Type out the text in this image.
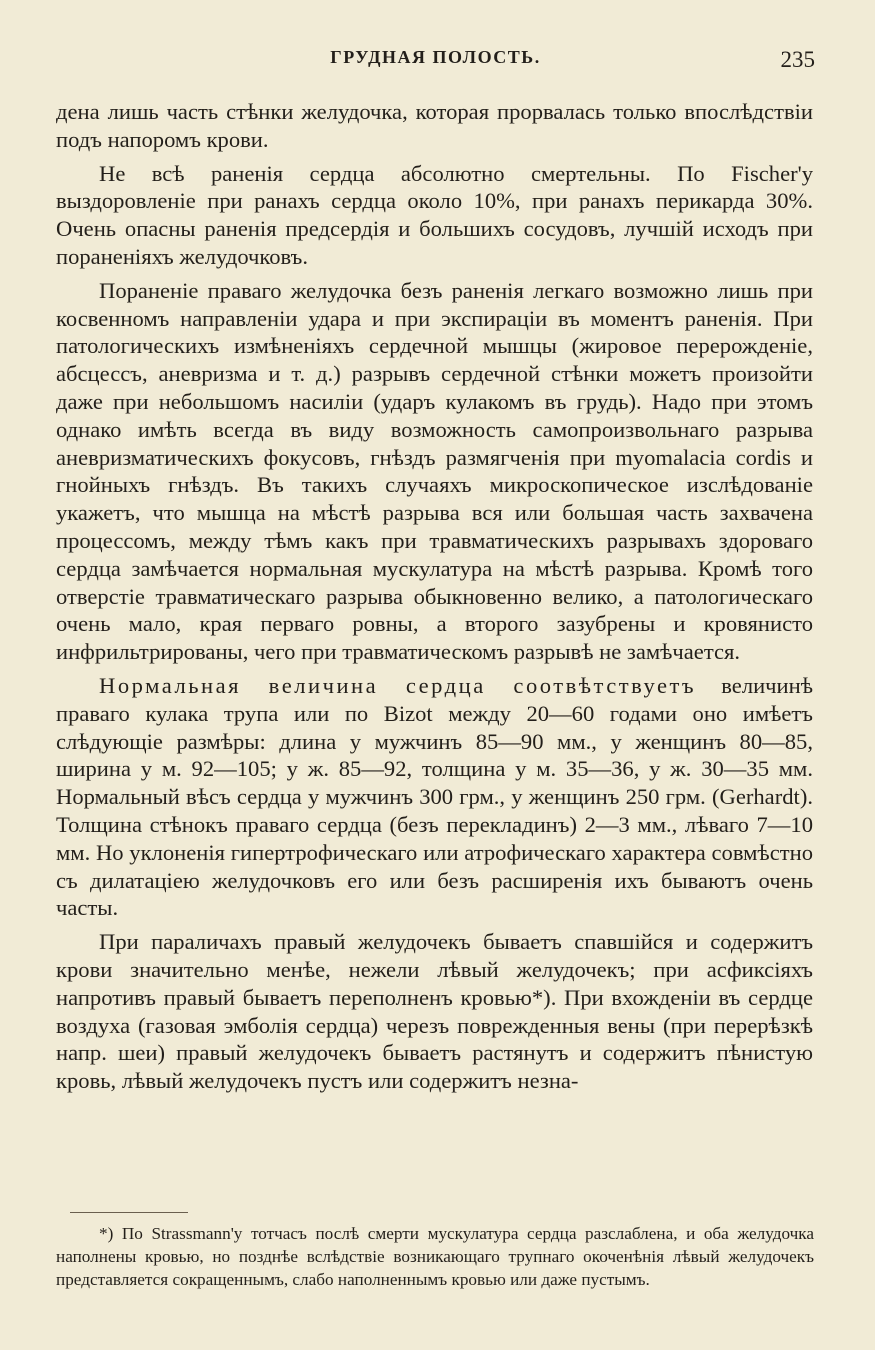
ГРУДНАЯ ПОЛОСТЬ.	235

дена лишь часть стѣнки желудочка, которая прорвалась только впослѣдствіи подъ напоромъ крови.

Не всѣ раненія сердца абсолютно смертельны. По Fischer'у выздоровленіе при ранахъ сердца около 10%, при ранахъ перикарда 30%. Очень опасны раненія предсердія и большихъ сосудовъ, лучшій исходъ при пораненіяхъ желудочковъ.

Пораненіе праваго желудочка безъ раненія легкаго возможно лишь при косвенномъ направленіи удара и при экспираціи въ моментъ раненія. При патологическихъ измѣненіяхъ сердечной мышцы (жировое перерожденіе, абсцессъ, аневризма и т. д.) разрывъ сердечной стѣнки можетъ произойти даже при небольшомъ насиліи (ударъ кулакомъ въ грудь). Надо при этомъ однако имѣть всегда въ виду возможность самопроизвольнаго разрыва аневризматическихъ фокусовъ, гнѣздъ размягченія при myomalacia cordis и гнойныхъ гнѣздъ. Въ такихъ случаяхъ микроскопическое изслѣдованіе укажетъ, что мышца на мѣстѣ разрыва вся или большая часть захвачена процессомъ, между тѣмъ какъ при травматическихъ разрывахъ здороваго сердца замѣчается нормальная мускулатура на мѣстѣ разрыва. Кромѣ того отверстіе травматическаго разрыва обыкновенно велико, а патологическаго очень мало, края перваго ровны, а второго зазубрены и кровянисто инфрильтрированы, чего при травматическомъ разрывѣ не замѣчается.

Нормальная величина сердца соотвѣтствуетъ величинѣ праваго кулака трупа или по Bizot между 20—60 годами оно имѣетъ слѣдующіе размѣры: длина у мужчинъ 85—90 мм., у женщинъ 80—85, ширина у м. 92—105; у ж. 85—92, толщина у м. 35—36, у ж. 30—35 мм. Нормальный вѣсъ сердца у мужчинъ 300 грм., у женщинъ 250 грм. (Gerhardt). Толщина стѣнокъ праваго сердца (безъ перекладинъ) 2—3 мм., лѣваго 7—10 мм. Но уклоненія гипертрофическаго или атрофическаго характера совмѣстно съ дилатаціею желудочковъ его или безъ расширенія ихъ бываютъ очень часты.

При параличахъ правый желудочекъ бываетъ спавшійся и содержитъ крови значительно менѣе, нежели лѣвый желудочекъ; при асфиксіяхъ напротивъ правый бываетъ переполненъ кровью*). При вхожденіи въ сердце воздуха (газовая эмболія сердца) черезъ поврежденныя вены (при перерѣзкѣ напр. шеи) правый желудочекъ бываетъ растянутъ и содержитъ пѣнистую кровь, лѣвый желудочекъ пустъ или содержитъ незна-

*) По Strassmann'у тотчасъ послѣ смерти мускулатура сердца разслаблена, и оба желудочка наполнены кровью, но позднѣе вслѣдствіе возникающаго трупнаго окоченѣнія лѣвый желудочекъ представляется сокращеннымъ, слабо наполненнымъ кровью или даже пустымъ.
